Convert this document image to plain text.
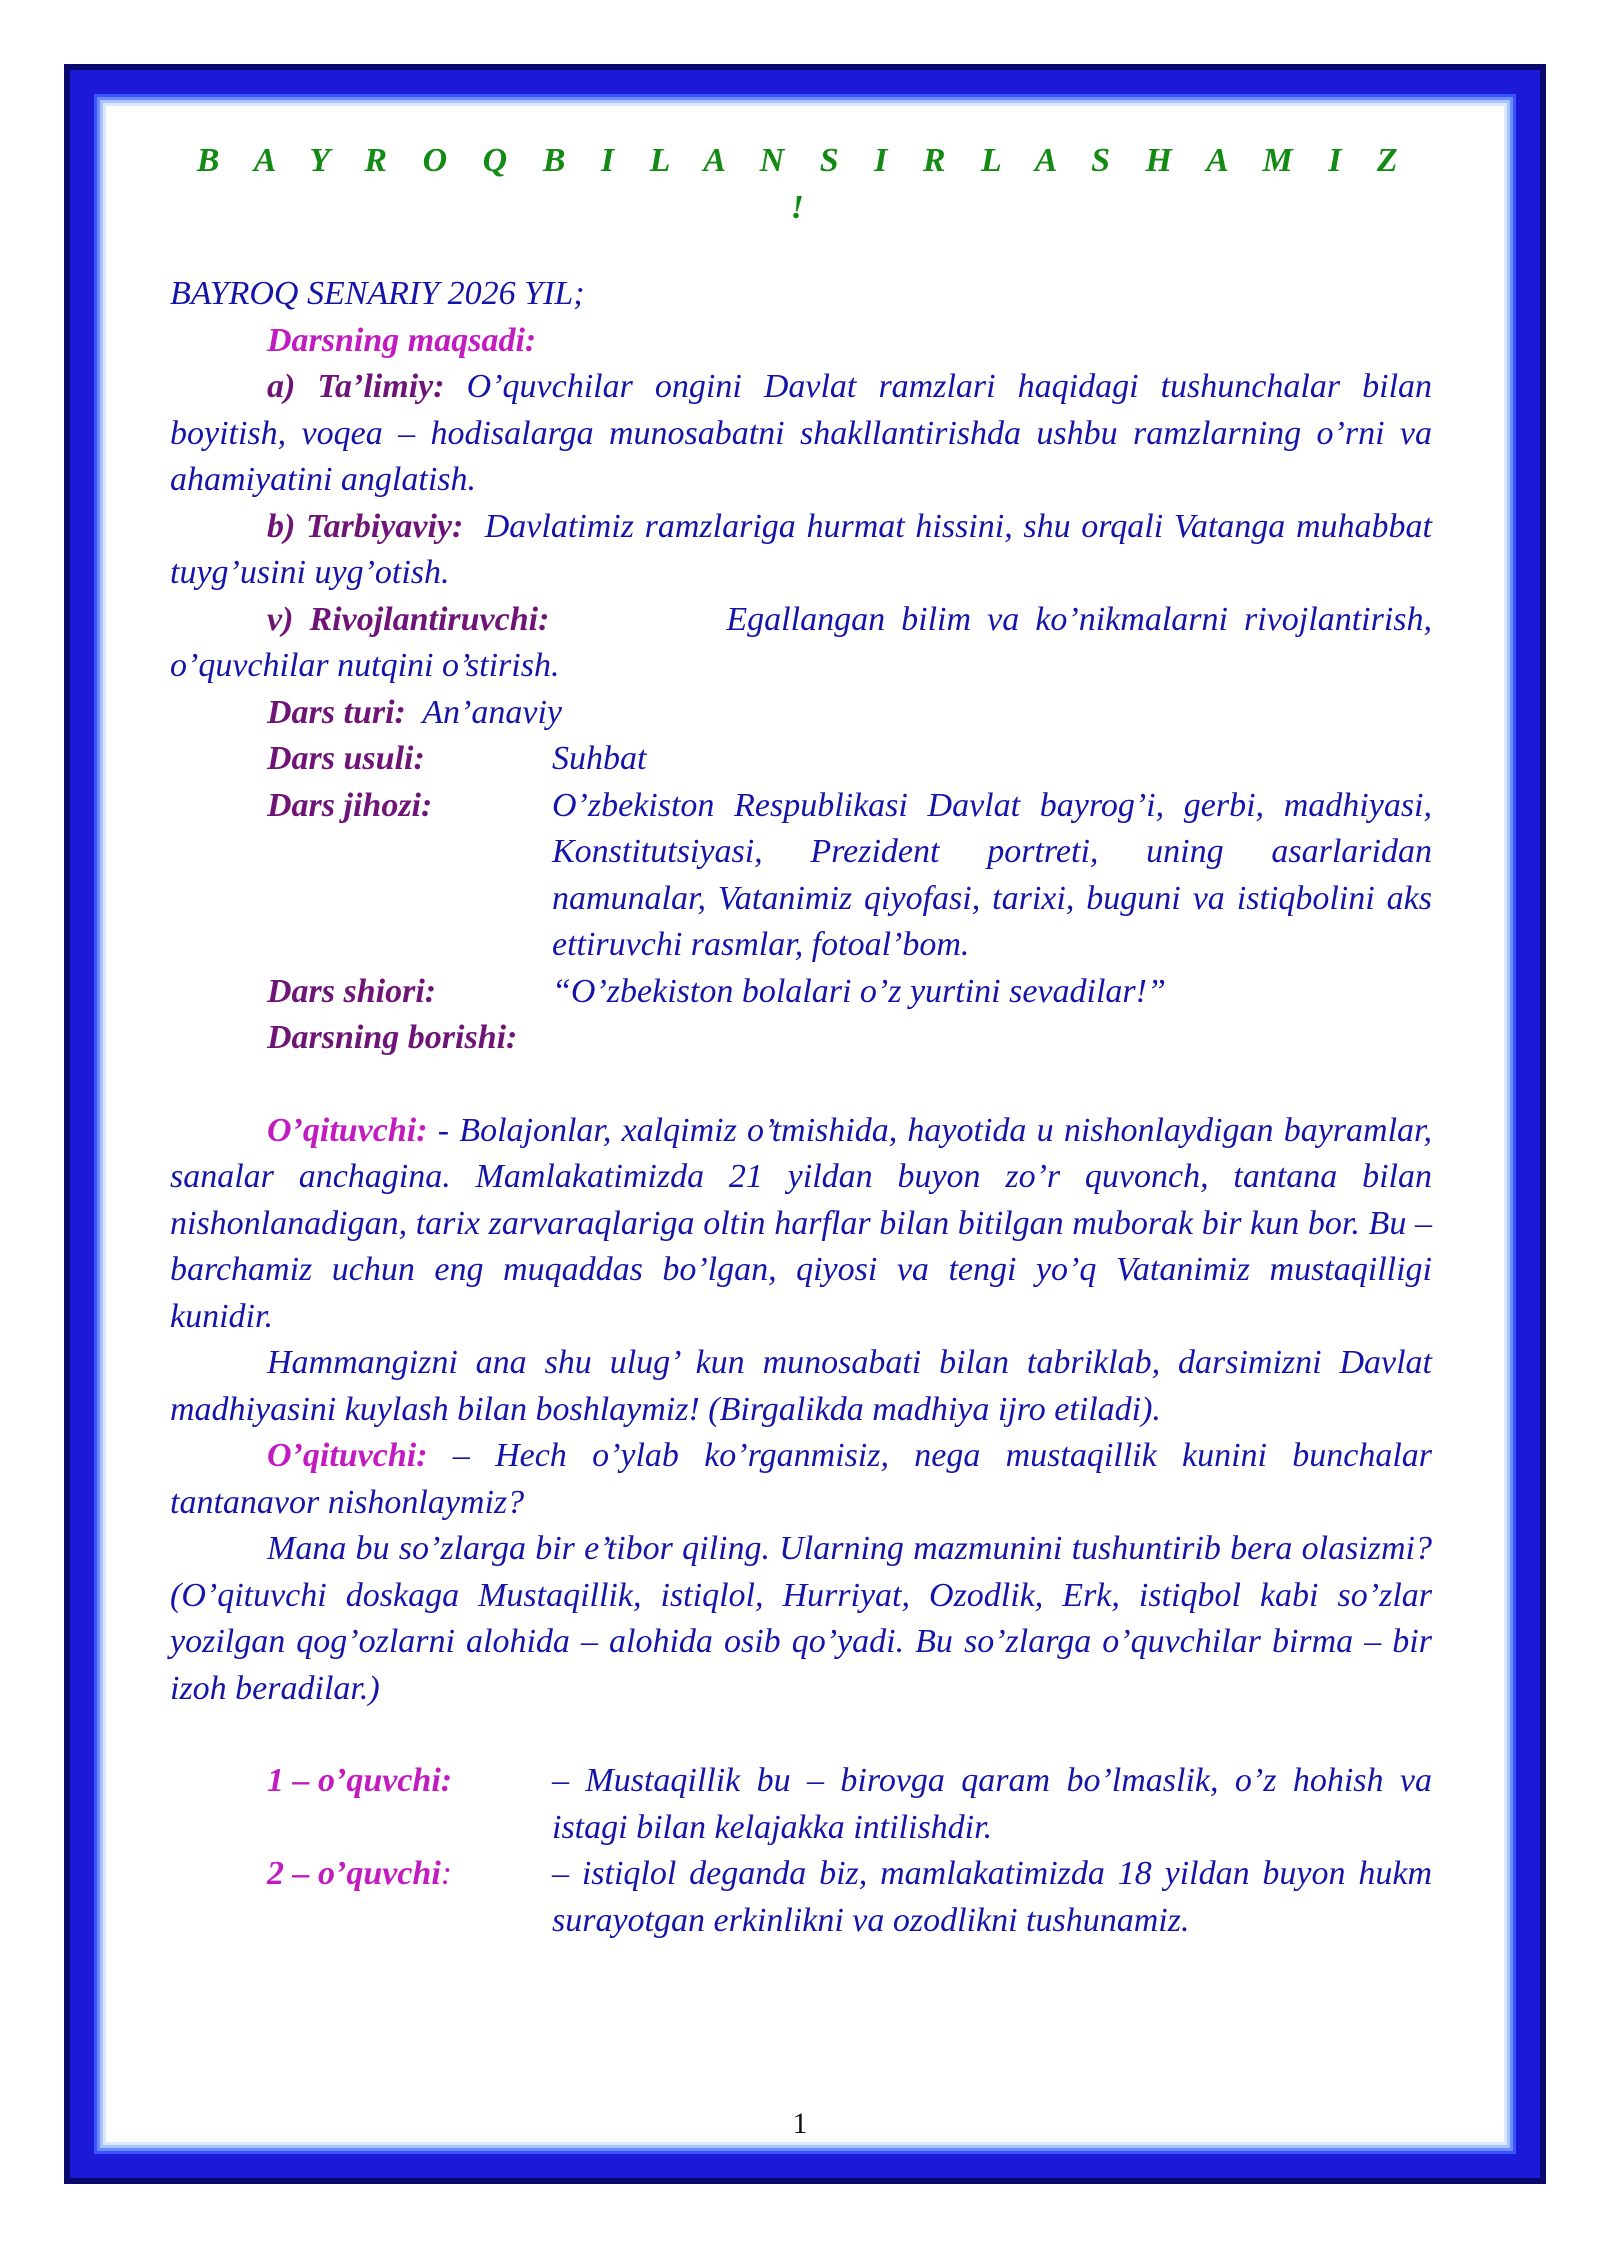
B A Y R O Q B I L A N S I R L A S H A M I Z !

BAYROQ SENARIY 2026 YIL;

Darsning maqsadi:

a) Ta’limiy: O’quvchilar ongini Davlat ramzlari haqidagi tushunchalar bilan boyitish, voqea – hodisalarga munosabatni shakllantirishda ushbu ramzlarning o’rni va ahamiyatini anglatish.

b) Tarbiyaviy: Davlatimiz ramzlariga hurmat hissini, shu orqali Vatanga muhabbat tuyg’usini uyg’otish.

v) Rivojlantiruvchi:	Egallangan bilim va ko’nikmalarni rivojlantirish, o’quvchilar nutqini o’stirish.

Dars turi: An’anaviy

Dars usuli:	Suhbat
Dars jihozi:	O’zbekiston Respublikasi Davlat bayrog’i, gerbi, madhiyasi, Konstitutsiyasi, Prezident portreti, uning asarlaridan namunalar, Vatanimiz qiyofasi, tarixi, buguni va istiqbolini aks ettiruvchi rasmlar, fotoal’bom.
Dars shiori:	“O’zbekiston bolalari o’z yurtini sevadilar!”

Darsning borishi:

O’qituvchi: - Bolajonlar, xalqimiz o’tmishida, hayotida u nishonlaydigan bayramlar, sanalar anchagina. Mamlakatimizda 21 yildan buyon zo’r quvonch, tantana bilan nishonlanadigan, tarix zarvaraqlariga oltin harflar bilan bitilgan muborak bir kun bor. Bu – barchamiz uchun eng muqaddas bo’lgan, qiyosi va tengi yo’q Vatanimiz mustaqilligi kunidir.

Hammangizni ana shu ulug’ kun munosabati bilan tabriklab, darsimizni Davlat madhiyasini kuylash bilan boshlaymiz! (Birgalikda madhiya ijro etiladi).

O’qituvchi: – Hech o’ylab ko’rganmisiz, nega mustaqillik kunini bunchalar tantanavor nishonlaymiz?

Mana bu so’zlarga bir e’tibor qiling. Ularning mazmunini tushuntirib bera olasizmi? (O’qituvchi doskaga Mustaqillik, istiqlol, Hurriyat, Ozodlik, Erk, istiqbol kabi so’zlar yozilgan qog’ozlarni alohida – alohida osib qo’yadi. Bu so’zlarga o’quvchilar birma – bir izoh beradilar.)

1 – o’quvchi:	– Mustaqillik bu – birovga qaram bo’lmaslik, o’z hohish va istagi bilan kelajakka intilishdir.
2 – o’quvchi:	– istiqlol deganda biz, mamlakatimizda 18 yildan buyon hukm surayotgan erkinlikni va ozodlikni tushunamiz.
1
